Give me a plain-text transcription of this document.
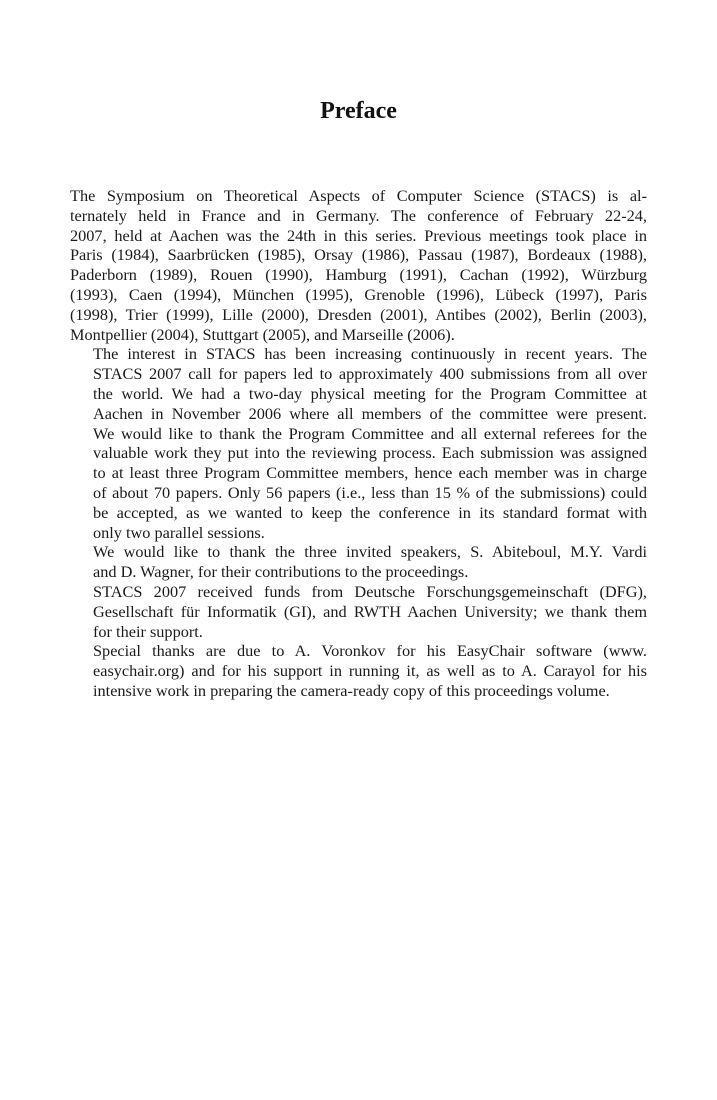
Preface

The Symposium on Theoretical Aspects of Computer Science (STACS) is al-
ternately held in France and in Germany. The conference of February 22-24,
2007, held at Aachen was the 24th in this series. Previous meetings took place in
Paris (1984), Saarbrücken (1985), Orsay (1986), Passau (1987), Bordeaux (1988),
Paderborn (1989), Rouen (1990), Hamburg (1991), Cachan (1992), Würzburg
(1993), Caen (1994), München (1995), Grenoble (1996), Lübeck (1997), Paris
(1998), Trier (1999), Lille (2000), Dresden (2001), Antibes (2002), Berlin (2003),
Montpellier (2004), Stuttgart (2005), and Marseille (2006).

The interest in STACS has been increasing continuously in recent years. The
STACS 2007 call for papers led to approximately 400 submissions from all over
the world. We had a two-day physical meeting for the Program Committee at
Aachen in November 2006 where all members of the committee were present.
We would like to thank the Program Committee and all external referees for the
valuable work they put into the reviewing process. Each submission was assigned
to at least three Program Committee members, hence each member was in charge
of about 70 papers. Only 56 papers (i.e., less than 15 % of the submissions) could
be accepted, as we wanted to keep the conference in its standard format with
only two parallel sessions.

We would like to thank the three invited speakers, S. Abiteboul, M.Y. Vardi
and D. Wagner, for their contributions to the proceedings.

STACS 2007 received funds from Deutsche Forschungsgemeinschaft (DFG),
Gesellschaft für Informatik (GI), and RWTH Aachen University; we thank them
for their support.

Special thanks are due to A. Voronkov for his EasyChair software (www.
easychair.org) and for his support in running it, as well as to A. Carayol for his
intensive work in preparing the camera-ready copy of this proceedings volume.
